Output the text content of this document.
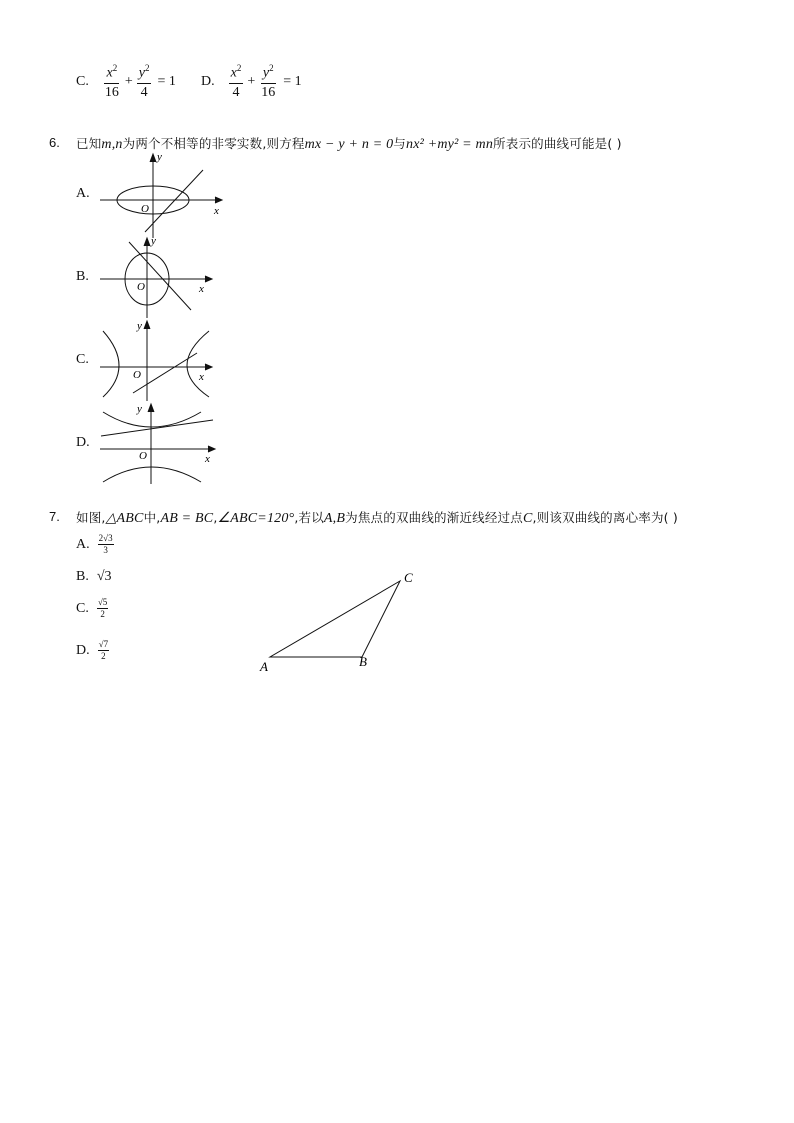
C. $\frac{x^2}{16} + \frac{y^2}{4} = 1$ D. $\frac{x^2}{4} + \frac{y^2}{16} = 1$
6. 已知m,n为两个不相等的非零实数,则方程mx − y + n = 0与nx² +my² = mn所表示的曲线可能是( )
A.
O	x
y
B.
O	x
y
C.
O	x
y
D.
O	x
y
7. 如图,△ABC中,AB = BC,∠ABC=120°,若以A,B为焦点的双曲线的渐近线经过点C,则该双曲线的离心率为( )
A. $\frac{2√3}{3}$
B. √3
C. $\frac{√5}{2}$
D. $\frac{√7}{2}$
A	B
C
